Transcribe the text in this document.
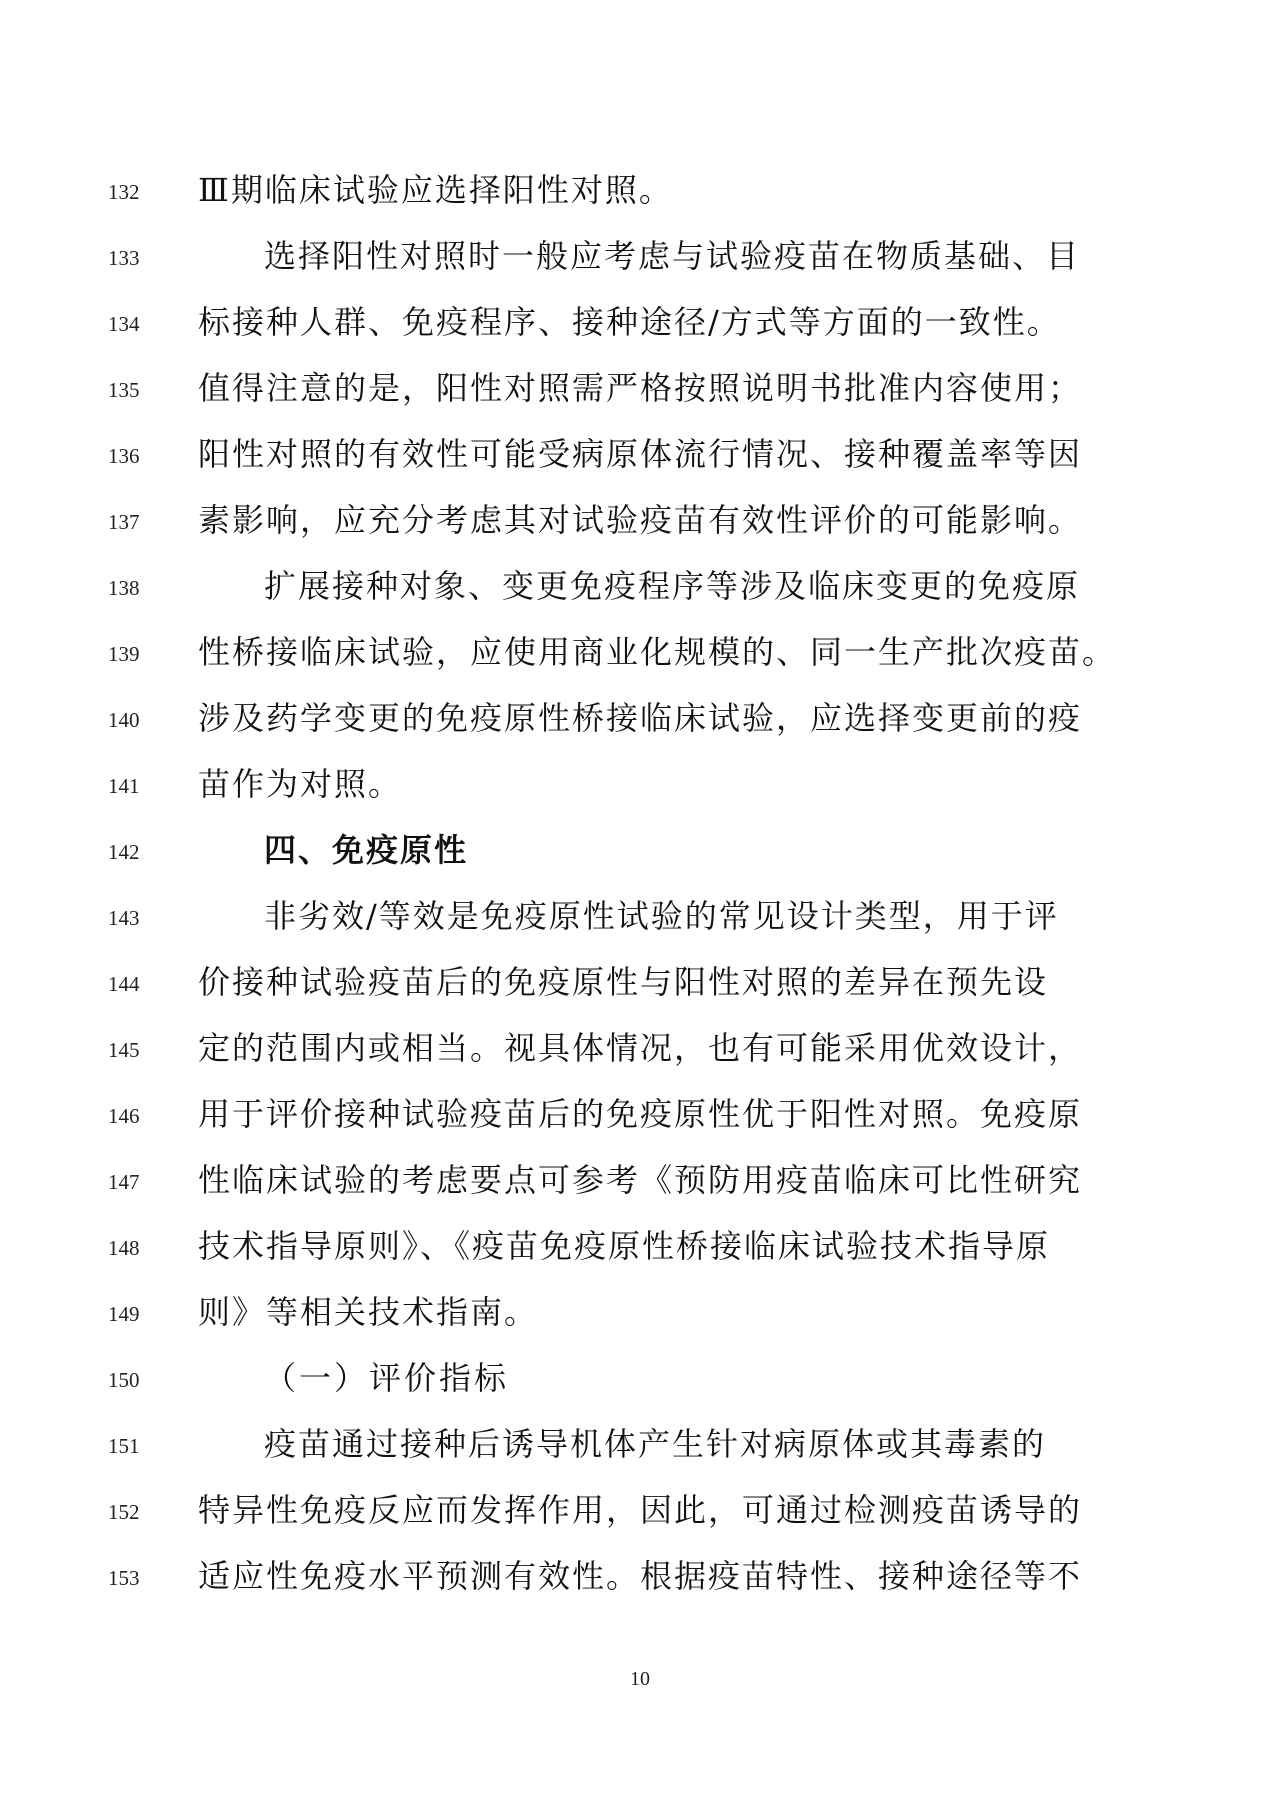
132	Ⅲ期临床试验应选择阳性对照。
133	选择阳性对照时一般应考虑与试验疫苗在物质基础、目
134	标接种人群、免疫程序、接种途径/方式等方面的一致性。
135	值得注意的是，阳性对照需严格按照说明书批准内容使用；
136	阳性对照的有效性可能受病原体流行情况、接种覆盖率等因
137	素影响，应充分考虑其对试验疫苗有效性评价的可能影响。
138	扩展接种对象、变更免疫程序等涉及临床变更的免疫原
139	性桥接临床试验，应使用商业化规模的、同一生产批次疫苗。
140	涉及药学变更的免疫原性桥接临床试验，应选择变更前的疫
141	苗作为对照。
142	四、免疫原性
143	非劣效/等效是免疫原性试验的常见设计类型，用于评
144	价接种试验疫苗后的免疫原性与阳性对照的差异在预先设
145	定的范围内或相当。视具体情况，也有可能采用优效设计，
146	用于评价接种试验疫苗后的免疫原性优于阳性对照。免疫原
147	性临床试验的考虑要点可参考《预防用疫苗临床可比性研究
148	技术指导原则》、《疫苗免疫原性桥接临床试验技术指导原
149	则》等相关技术指南。
150	（一）评价指标
151	疫苗通过接种后诱导机体产生针对病原体或其毒素的
152	特异性免疫反应而发挥作用，因此，可通过检测疫苗诱导的
153	适应性免疫水平预测有效性。根据疫苗特性、接种途径等不
10
